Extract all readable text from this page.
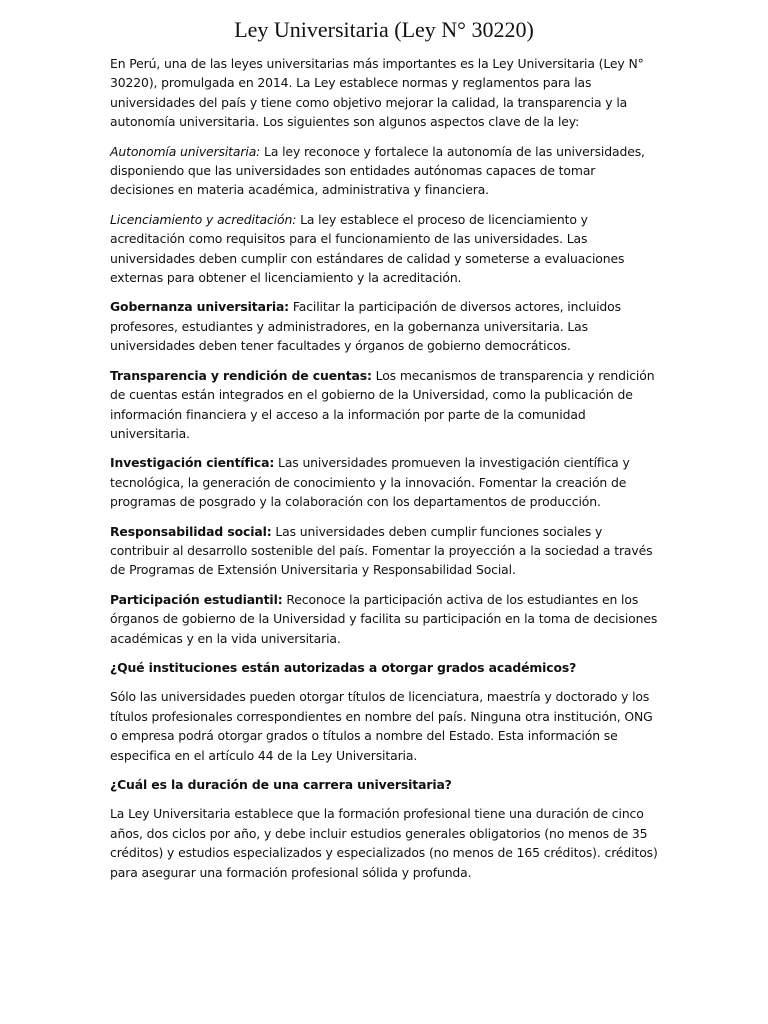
Ley Universitaria (Ley N° 30220)

En Perú, una de las leyes universitarias más importantes es la Ley Universitaria (Ley N° 30220), promulgada en 2014. La Ley establece normas y reglamentos para las universidades del país y tiene como objetivo mejorar la calidad, la transparencia y la autonomía universitaria. Los siguientes son algunos aspectos clave de la ley:

Autonomía universitaria: La ley reconoce y fortalece la autonomía de las universidades, disponiendo que las universidades son entidades autónomas capaces de tomar decisiones en materia académica, administrativa y financiera.

Licenciamiento y acreditación: La ley establece el proceso de licenciamiento y acreditación como requisitos para el funcionamiento de las universidades. Las universidades deben cumplir con estándares de calidad y someterse a evaluaciones externas para obtener el licenciamiento y la acreditación.

Gobernanza universitaria: Facilitar la participación de diversos actores, incluidos profesores, estudiantes y administradores, en la gobernanza universitaria. Las universidades deben tener facultades y órganos de gobierno democráticos.

Transparencia y rendición de cuentas: Los mecanismos de transparencia y rendición de cuentas están integrados en el gobierno de la Universidad, como la publicación de información financiera y el acceso a la información por parte de la comunidad universitaria.

Investigación científica: Las universidades promueven la investigación científica y tecnológica, la generación de conocimiento y la innovación. Fomentar la creación de programas de posgrado y la colaboración con los departamentos de producción.

Responsabilidad social: Las universidades deben cumplir funciones sociales y contribuir al desarrollo sostenible del país. Fomentar la proyección a la sociedad a través de Programas de Extensión Universitaria y Responsabilidad Social.

Participación estudiantil: Reconoce la participación activa de los estudiantes en los órganos de gobierno de la Universidad y facilita su participación en la toma de decisiones académicas y en la vida universitaria.

¿Qué instituciones están autorizadas a otorgar grados académicos?

Sólo las universidades pueden otorgar títulos de licenciatura, maestría y doctorado y los títulos profesionales correspondientes en nombre del país. Ninguna otra institución, ONG o empresa podrá otorgar grados o títulos a nombre del Estado. Esta información se especifica en el artículo 44 de la Ley Universitaria.

¿Cuál es la duración de una carrera universitaria?

La Ley Universitaria establece que la formación profesional tiene una duración de cinco años, dos ciclos por año, y debe incluir estudios generales obligatorios (no menos de 35 créditos) y estudios especializados y especializados (no menos de 165 créditos). créditos) para asegurar una formación profesional sólida y profunda.
